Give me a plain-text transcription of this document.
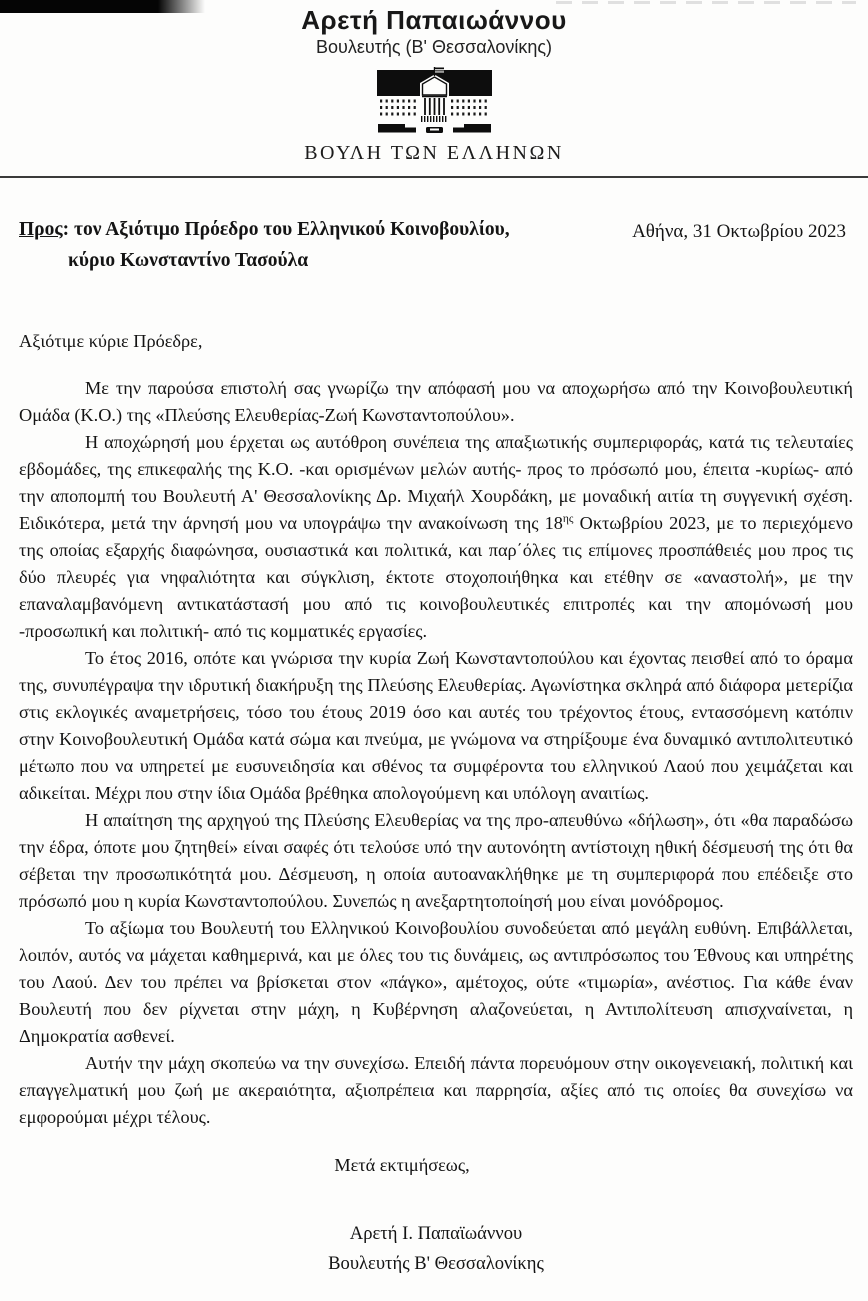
Αρετή Παπαιωάννου
Βουλευτής (Β' Θεσσαλονίκης)
ΒΟΥΛΗ ΤΩΝ ΕΛΛΗΝΩΝ
Προς: τον Αξιότιμο Πρόεδρο του Ελληνικού Κοινοβουλίου,
κύριο Κωνσταντίνο Τασούλα
Αθήνα, 31 Οκτωβρίου 2023

Αξιότιμε κύριε Πρόεδρε,

Με την παρούσα επιστολή σας γνωρίζω την απόφασή μου να αποχωρήσω από την Κοινοβουλευτική Ομάδα (Κ.Ο.) της «Πλεύσης Ελευθερίας-Ζωή Κωνσταντοπούλου».

Η αποχώρησή μου έρχεται ως αυτόθροη συνέπεια της απαξιωτικής συμπεριφοράς, κατά τις τελευταίες εβδομάδες, της επικεφαλής της Κ.Ο. -και ορισμένων μελών αυτής- προς το πρόσωπό μου, έπειτα -κυρίως- από την αποπομπή του Βουλευτή Α' Θεσσαλονίκης Δρ. Μιχαήλ Χουρδάκη, με μοναδική αιτία τη συγγενική σχέση. Ειδικότερα, μετά την άρνησή μου να υπογράψω την ανακοίνωση της $18^{\eta\varsigma}$ Οκτωβρίου 2023, με το περιεχόμενο της οποίας εξαρχής διαφώνησα, ουσιαστικά και πολιτικά, και παρ΄όλες τις επίμονες προσπάθειές μου προς τις δύο πλευρές για νηφαλιότητα και σύγκλιση, έκτοτε στοχοποιήθηκα και ετέθην σε «αναστολή», με την επαναλαμβανόμενη αντικατάστασή μου από τις κοινοβουλευτικές επιτροπές και την απομόνωσή μου -προσωπική και πολιτική- από τις κομματικές εργασίες.

Το έτος 2016, οπότε και γνώρισα την κυρία Ζωή Κωνσταντοπούλου και έχοντας πεισθεί από το όραμα της, συνυπέγραψα την ιδρυτική διακήρυξη της Πλεύσης Ελευθερίας. Αγωνίστηκα σκληρά από διάφορα μετερίζια στις εκλογικές αναμετρήσεις, τόσο του έτους 2019 όσο και αυτές του τρέχοντος έτους, εντασσόμενη κατόπιν στην Κοινοβουλευτική Ομάδα κατά σώμα και πνεύμα, με γνώμονα να στηρίξουμε ένα δυναμικό αντιπολιτευτικό μέτωπο που να υπηρετεί με ευσυνειδησία και σθένος τα συμφέροντα του ελληνικού Λαού που χειμάζεται και αδικείται. Μέχρι που στην ίδια Ομάδα βρέθηκα απολογούμενη και υπόλογη αναιτίως.

Η απαίτηση της αρχηγού της Πλεύσης Ελευθερίας να της προ-απευθύνω «δήλωση», ότι «θα παραδώσω την έδρα, όποτε μου ζητηθεί» είναι σαφές ότι τελούσε υπό την αυτονόητη αντίστοιχη ηθική δέσμευσή της ότι θα σέβεται την προσωπικότητά μου. Δέσμευση, η οποία αυτοανακλήθηκε με τη συμπεριφορά που επέδειξε στο πρόσωπό μου η κυρία Κωνσταντοπούλου. Συνεπώς η ανεξαρτητοποίησή μου είναι μονόδρομος.

Το αξίωμα του Βουλευτή του Ελληνικού Κοινοβουλίου συνοδεύεται από μεγάλη ευθύνη. Επιβάλλεται, λοιπόν, αυτός να μάχεται καθημερινά, και με όλες του τις δυνάμεις, ως αντιπρόσωπος του Έθνους και υπηρέτης του Λαού. Δεν του πρέπει να βρίσκεται στον «πάγκο», αμέτοχος, ούτε «τιμωρία», ανέστιος. Για κάθε έναν Βουλευτή που δεν ρίχνεται στην μάχη, η Κυβέρνηση αλαζονεύεται, η Αντιπολίτευση απισχναίνεται, η Δημοκρατία ασθενεί.

Αυτήν την μάχη σκοπεύω να την συνεχίσω. Επειδή πάντα πορευόμουν στην οικογενειακή, πολιτική και επαγγελματική μου ζωή με ακεραιότητα, αξιοπρέπεια και παρρησία, αξίες από τις οποίες θα συνεχίσω να εμφορούμαι μέχρι τέλους.

Μετά εκτιμήσεως,

Αρετή Ι. Παπαϊωάννου
Βουλευτής Β' Θεσσαλονίκης
